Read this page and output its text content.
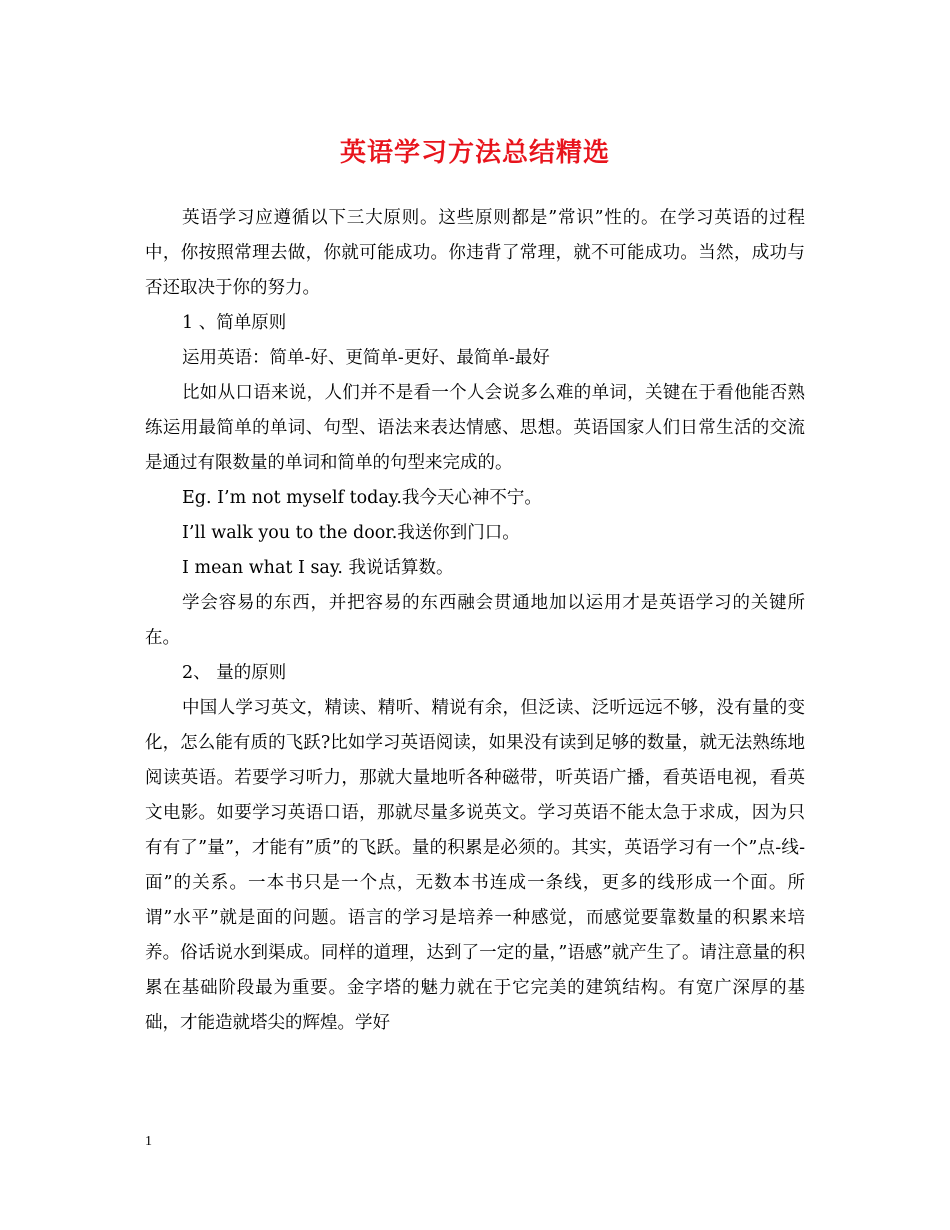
英语学习方法总结精选

英语学习应遵循以下三大原则。这些原则都是”常识”性的。在学习英语的过程中，你按照常理去做，你就可能成功。你违背了常理，就不可能成功。当然，成功与否还取决于你的努力。

1 、简单原则

运用英语：简单-好、更简单-更好、最简单-最好

比如从口语来说，人们并不是看一个人会说多么难的单词，关键在于看他能否熟练运用最简单的单词、句型、语法来表达情感、思想。英语国家人们日常生活的交流是通过有限数量的单词和简单的句型来完成的。

Eg. I’m not myself today.我今天心神不宁。

I’ll walk you to the door.我送你到门口。

I mean what I say. 我说话算数。

学会容易的东西，并把容易的东西融会贯通地加以运用才是英语学习的关键所在。

2、 量的原则

中国人学习英文，精读、精听、精说有余，但泛读、泛听远远不够，没有量的变化，怎么能有质的飞跃?比如学习英语阅读，如果没有读到足够的数量，就无法熟练地阅读英语。若要学习听力，那就大量地听各种磁带，听英语广播，看英语电视，看英文电影。如要学习英语口语，那就尽量多说英文。学习英语不能太急于求成，因为只有有了”量”，才能有”质”的飞跃。量的积累是必须的。其实，英语学习有一个”点-线-面”的关系。一本书只是一个点，无数本书连成一条线，更多的线形成一个面。所谓”水平”就是面的问题。语言的学习是培养一种感觉，而感觉要靠数量的积累来培养。俗话说水到渠成。同样的道理，达到了一定的量，”语感”就产生了。请注意量的积累在基础阶段最为重要。金字塔的魅力就在于它完美的建筑结构。有宽广深厚的基础，才能造就塔尖的辉煌。学好

1
